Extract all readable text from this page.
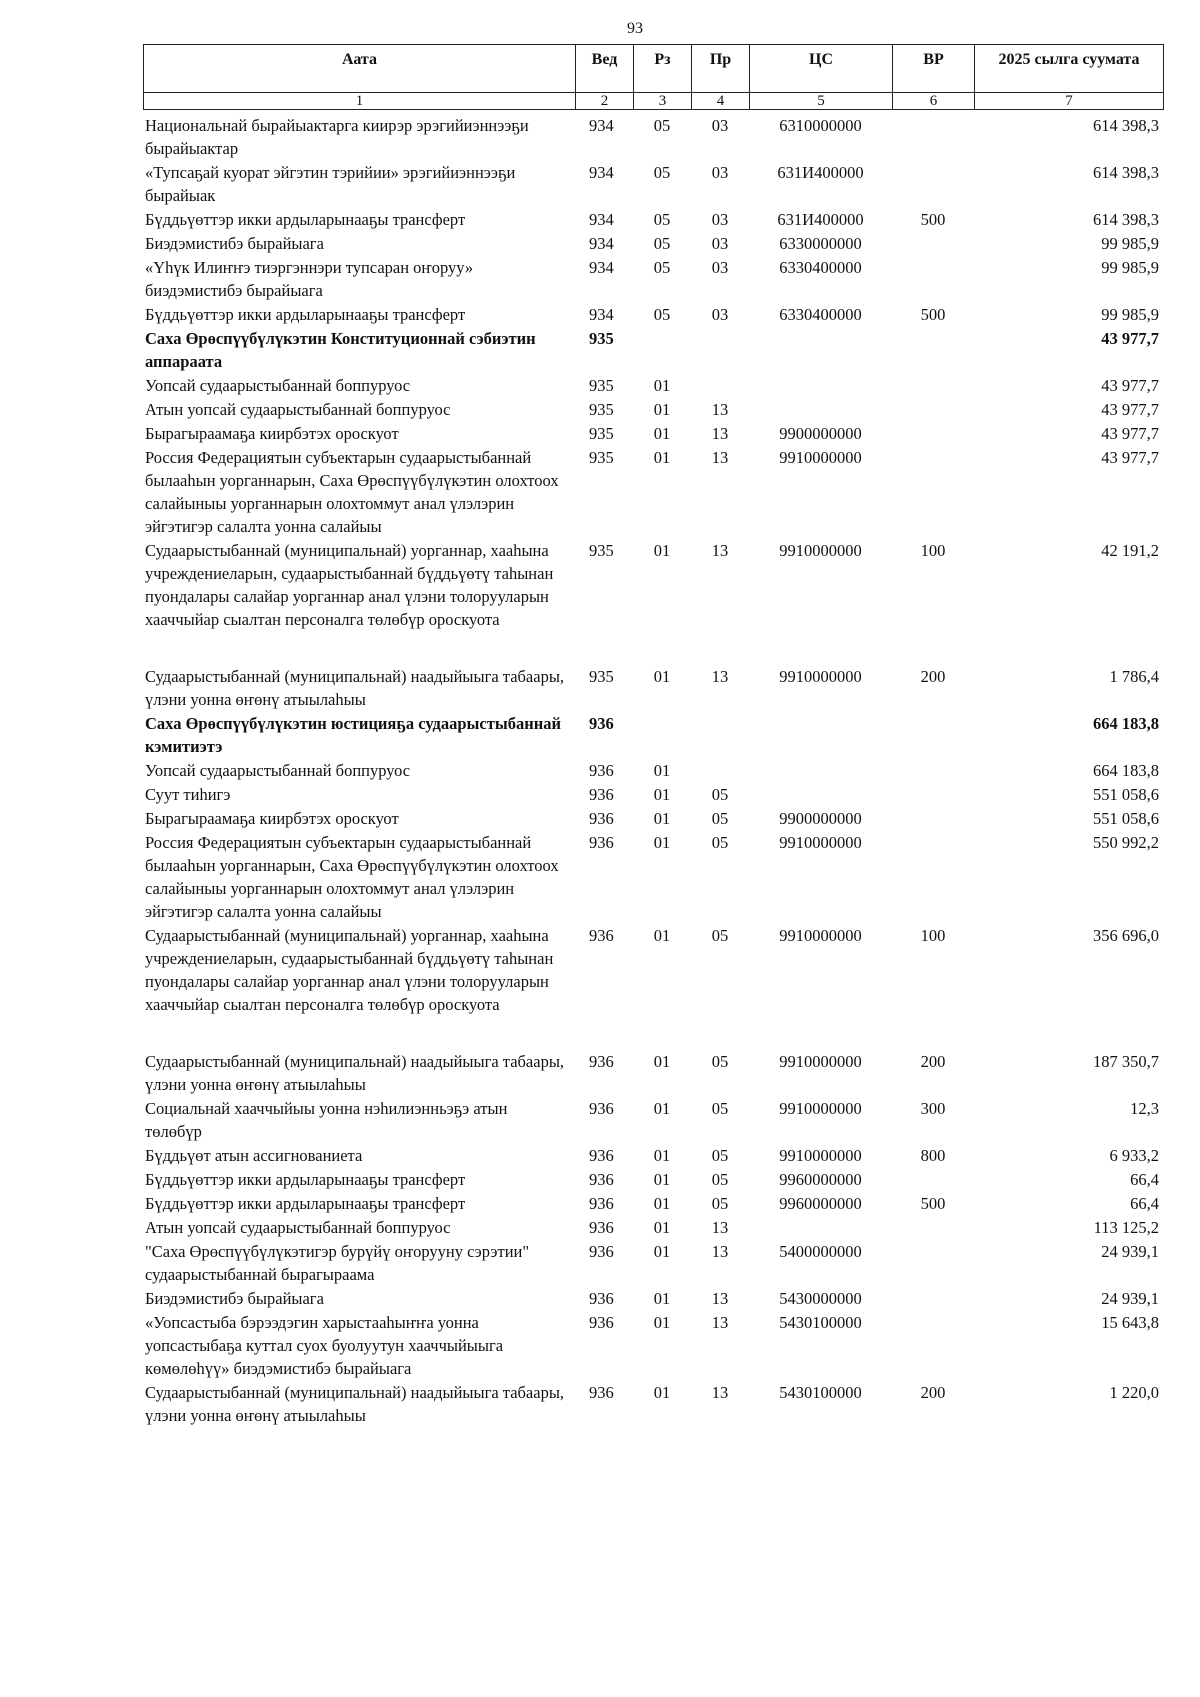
93
Аата	Вед	Рз	Пр	ЦС	ВР	2025 сылга суумата
1	2	3	4	5	6	7
Национальнай бырайыактарга киирэр эрэгийиэннээҕи бырайыактар	934	05	03	6310000000		614 398,3
«Тупсаҕай куорат эйгэтин тэрийии» эрэгийиэннээҕи бырайыак	934	05	03	631И400000		614 398,3
Бүддьүөттэр икки ардыларынааҕы трансферт	934	05	03	631И400000	500	614 398,3
Биэдэмистибэ бырайыага	934	05	03	6330000000		99 985,9
«Үһүк Илиҥҥэ тиэргэннэри тупсаран оҥоруу» биэдэмистибэ бырайыага	934	05	03	6330400000		99 985,9
Бүддьүөттэр икки ардыларынааҕы трансферт	934	05	03	6330400000	500	99 985,9
Саха Өрөспүүбүлүкэтин Конституционнай сэбиэтин аппараата	935					43 977,7
Уопсай судаарыстыбаннай боппуруос	935	01				43 977,7
Атын уопсай судаарыстыбаннай боппуруос	935	01	13			43 977,7
Бырагыраамаҕа киирбэтэх ороскуот	935	01	13	9900000000		43 977,7
Россия Федерациятын субъектарын судаарыстыбаннай былааһын уорганнарын, Саха Өрөспүүбүлүкэтин олохтоох салайыныы уорганнарын олохтоммут анал үлэлэрин эйгэтигэр салалта уонна салайыы	935	01	13	9910000000		43 977,7
Судаарыстыбаннай (муниципальнай) уорганнар, хааһына учреждениеларын, судаарыстыбаннай бүддьүөтү таһынан пуондалары салайар уорганнар анал үлэни толорууларын хааччыйар сыалтан персоналга төлөбүр ороскуота	935	01	13	9910000000	100	42 191,2
Судаарыстыбаннай (муниципальнай) наадыйыыга табаары, үлэни уонна өҥөнү атыылаһыы	935	01	13	9910000000	200	1 786,4
Саха Өрөспүүбүлүкэтин юстицияҕа судаарыстыбаннай кэмитиэтэ	936					664 183,8
Уопсай судаарыстыбаннай боппуруос	936	01				664 183,8
Суут тиһигэ	936	01	05			551 058,6
Бырагыраамаҕа киирбэтэх ороскуот	936	01	05	9900000000		551 058,6
Россия Федерациятын субъектарын судаарыстыбаннай былааһын уорганнарын, Саха Өрөспүүбүлүкэтин олохтоох салайыныы уорганнарын олохтоммут анал үлэлэрин эйгэтигэр салалта уонна салайыы	936	01	05	9910000000		550 992,2
Судаарыстыбаннай (муниципальнай) уорганнар, хааһына учреждениеларын, судаарыстыбаннай бүддьүөтү таһынан пуондалары салайар уорганнар анал үлэни толорууларын хааччыйар сыалтан персоналга төлөбүр ороскуота	936	01	05	9910000000	100	356 696,0
Судаарыстыбаннай (муниципальнай) наадыйыыга табаары, үлэни уонна өҥөнү атыылаһыы	936	01	05	9910000000	200	187 350,7
Социальнай хааччыйыы уонна нэһилиэнньэҕэ атын төлөбүр	936	01	05	9910000000	300	12,3
Бүддьүөт атын ассигнованиета	936	01	05	9910000000	800	6 933,2
Бүддьүөттэр икки ардыларынааҕы трансферт	936	01	05	9960000000		66,4
Бүддьүөттэр икки ардыларынааҕы трансферт	936	01	05	9960000000	500	66,4
Атын уопсай судаарыстыбаннай боппуруос	936	01	13			113 125,2
"Саха Өрөспүүбүлүкэтигэр бурүйү оҥорууну сэрэтии" судаарыстыбаннай бырагыраама	936	01	13	5400000000		24 939,1
Биэдэмистибэ бырайыага	936	01	13	5430000000		24 939,1
«Уопсастыба бэрээдэгин харыстааһыҥҥа уонна уопсастыбаҕа куттал суох буолуутун хааччыйыыга көмөлөһүү» биэдэмистибэ бырайыага	936	01	13	5430100000		15 643,8
Судаарыстыбаннай (муниципальнай) наадыйыыга табаары, үлэни уонна өҥөнү атыылаһыы	936	01	13	5430100000	200	1 220,0
